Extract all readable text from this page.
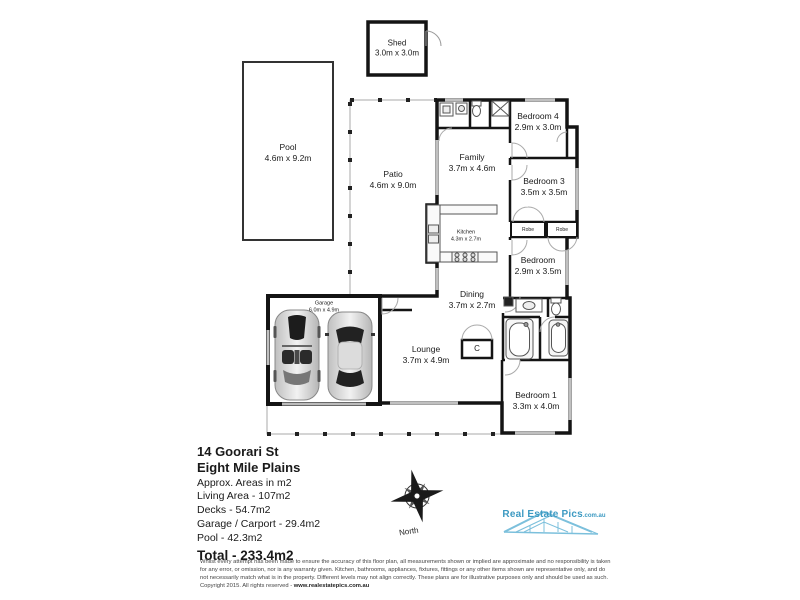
Shed
3.0m x 3.0m
Pool
4.6m x 9.2m
Patio
4.6m x 9.0m
Family
3.7m x 4.6m
Bedroom 4
2.9m x 3.0m
Bedroom 3
3.5m x 3.5m
Robe	Robe
Bedroom
2.9m x 3.5m
Kitchen
4.3m x 2.7m
Dining
3.7m x 2.7m
Lounge
3.7m x 4.9m
Garage
6.0m x 4.9m
Bedroom 1
3.3m x 4.0m
C
North
14 Goorari St
Eight Mile Plains
Approx. Areas in m2
Living Area - 107m2
Decks - 54.7m2
Garage / Carport - 29.4m2
Pool - 42.3m2
Total - 233.4m2
Real Estate Pics.com.au
Whilst every attempt has been made to ensure the accuracy of this floor plan, all measurements shown or implied are approximate and no responsibility is taken for any error, or omission, nor is any warranty given. Kitchen, bathrooms, appliances, fixtures, fittings or any other items shown are representative only, and do not necessarily match what is in the property. Different levels may not align correctly. These plans are for illustrative purposes only and should be used as such. Copyright 2015. All rights reserved - www.realestatepics.com.au
